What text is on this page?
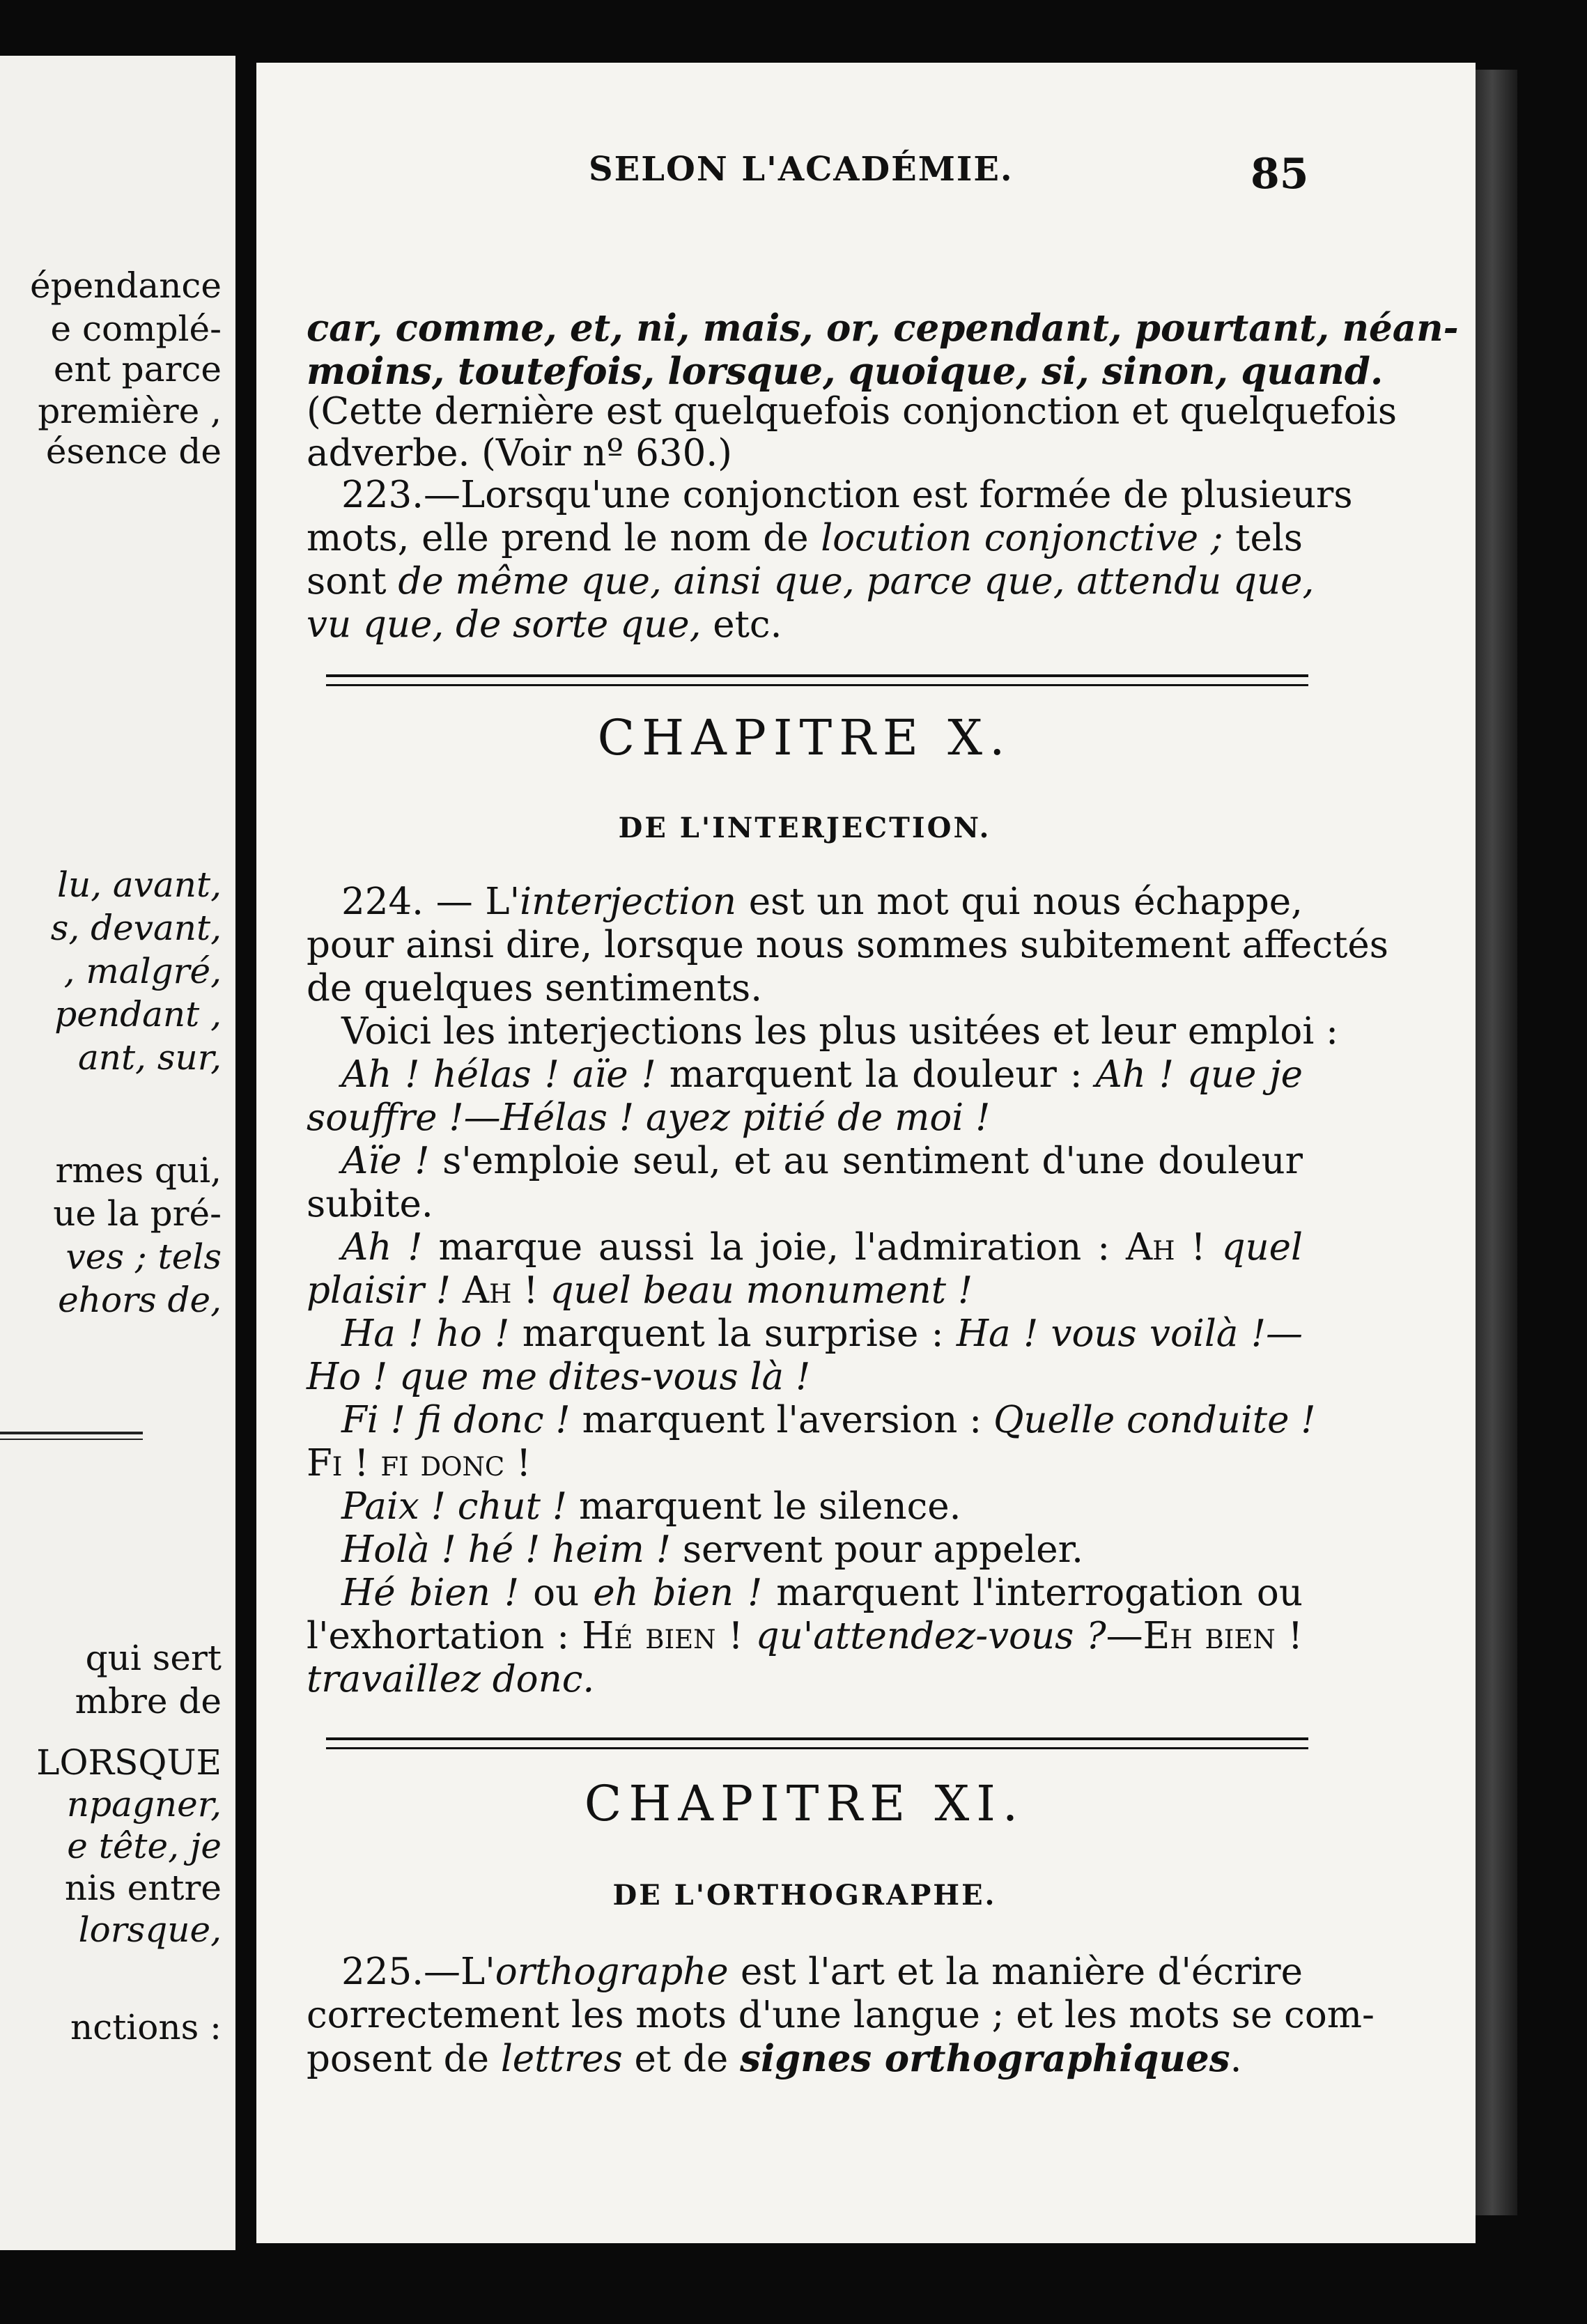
épendance
e complé-
ent parce
première ,
ésence de
lu, avant,
s, devant,
, malgré,
pendant ,
ant, sur,
rmes qui,
ue la pré-
ves ; tels
ehors de,
qui sert
mbre de
LORSQUE
npagner,
e tête, je
nis entre
lorsque,
nctions :
SELON L'ACADÉMIE.	85
car, comme, et, ni, mais, or, cependant, pourtant, néan-
moins, toutefois, lorsque, quoique, si, sinon, quand.
(Cette dernière est quelquefois conjonction et quelquefois
adverbe. (Voir nº 630.)
223.—Lorsqu'une conjonction est formée de plusieurs
mots, elle prend le nom de locution conjonctive ; tels
sont de même que, ainsi que, parce que, attendu que,
vu que, de sorte que, etc.
CHAPITRE X.
DE L'INTERJECTION.
224. — L'interjection est un mot qui nous échappe,
pour ainsi dire, lorsque nous sommes subitement affectés
de quelques sentiments.
Voici les interjections les plus usitées et leur emploi :
Ah ! hélas ! aïe ! marquent la douleur : Ah ! que je
souffre !—Hélas ! ayez pitié de moi !
Aïe ! s'emploie seul, et au sentiment d'une douleur
subite.
Ah ! marque aussi la joie, l'admiration : Ah ! quel
plaisir ! Ah ! quel beau monument !
Ha ! ho ! marquent la surprise : Ha ! vous voilà !—
Ho ! que me dites-vous là !
Fi ! fi donc ! marquent l'aversion : Quelle conduite !
Fi ! fi donc !
Paix ! chut ! marquent le silence.
Holà ! hé ! heim ! servent pour appeler.
Hé bien ! ou eh bien ! marquent l'interrogation ou
l'exhortation : Hé bien ! qu'attendez-vous ?—Eh bien !
travaillez donc.
CHAPITRE XI.
DE L'ORTHOGRAPHE.
225.—L'orthographe est l'art et la manière d'écrire
correctement les mots d'une langue ; et les mots se com-
posent de lettres et de signes orthographiques.
